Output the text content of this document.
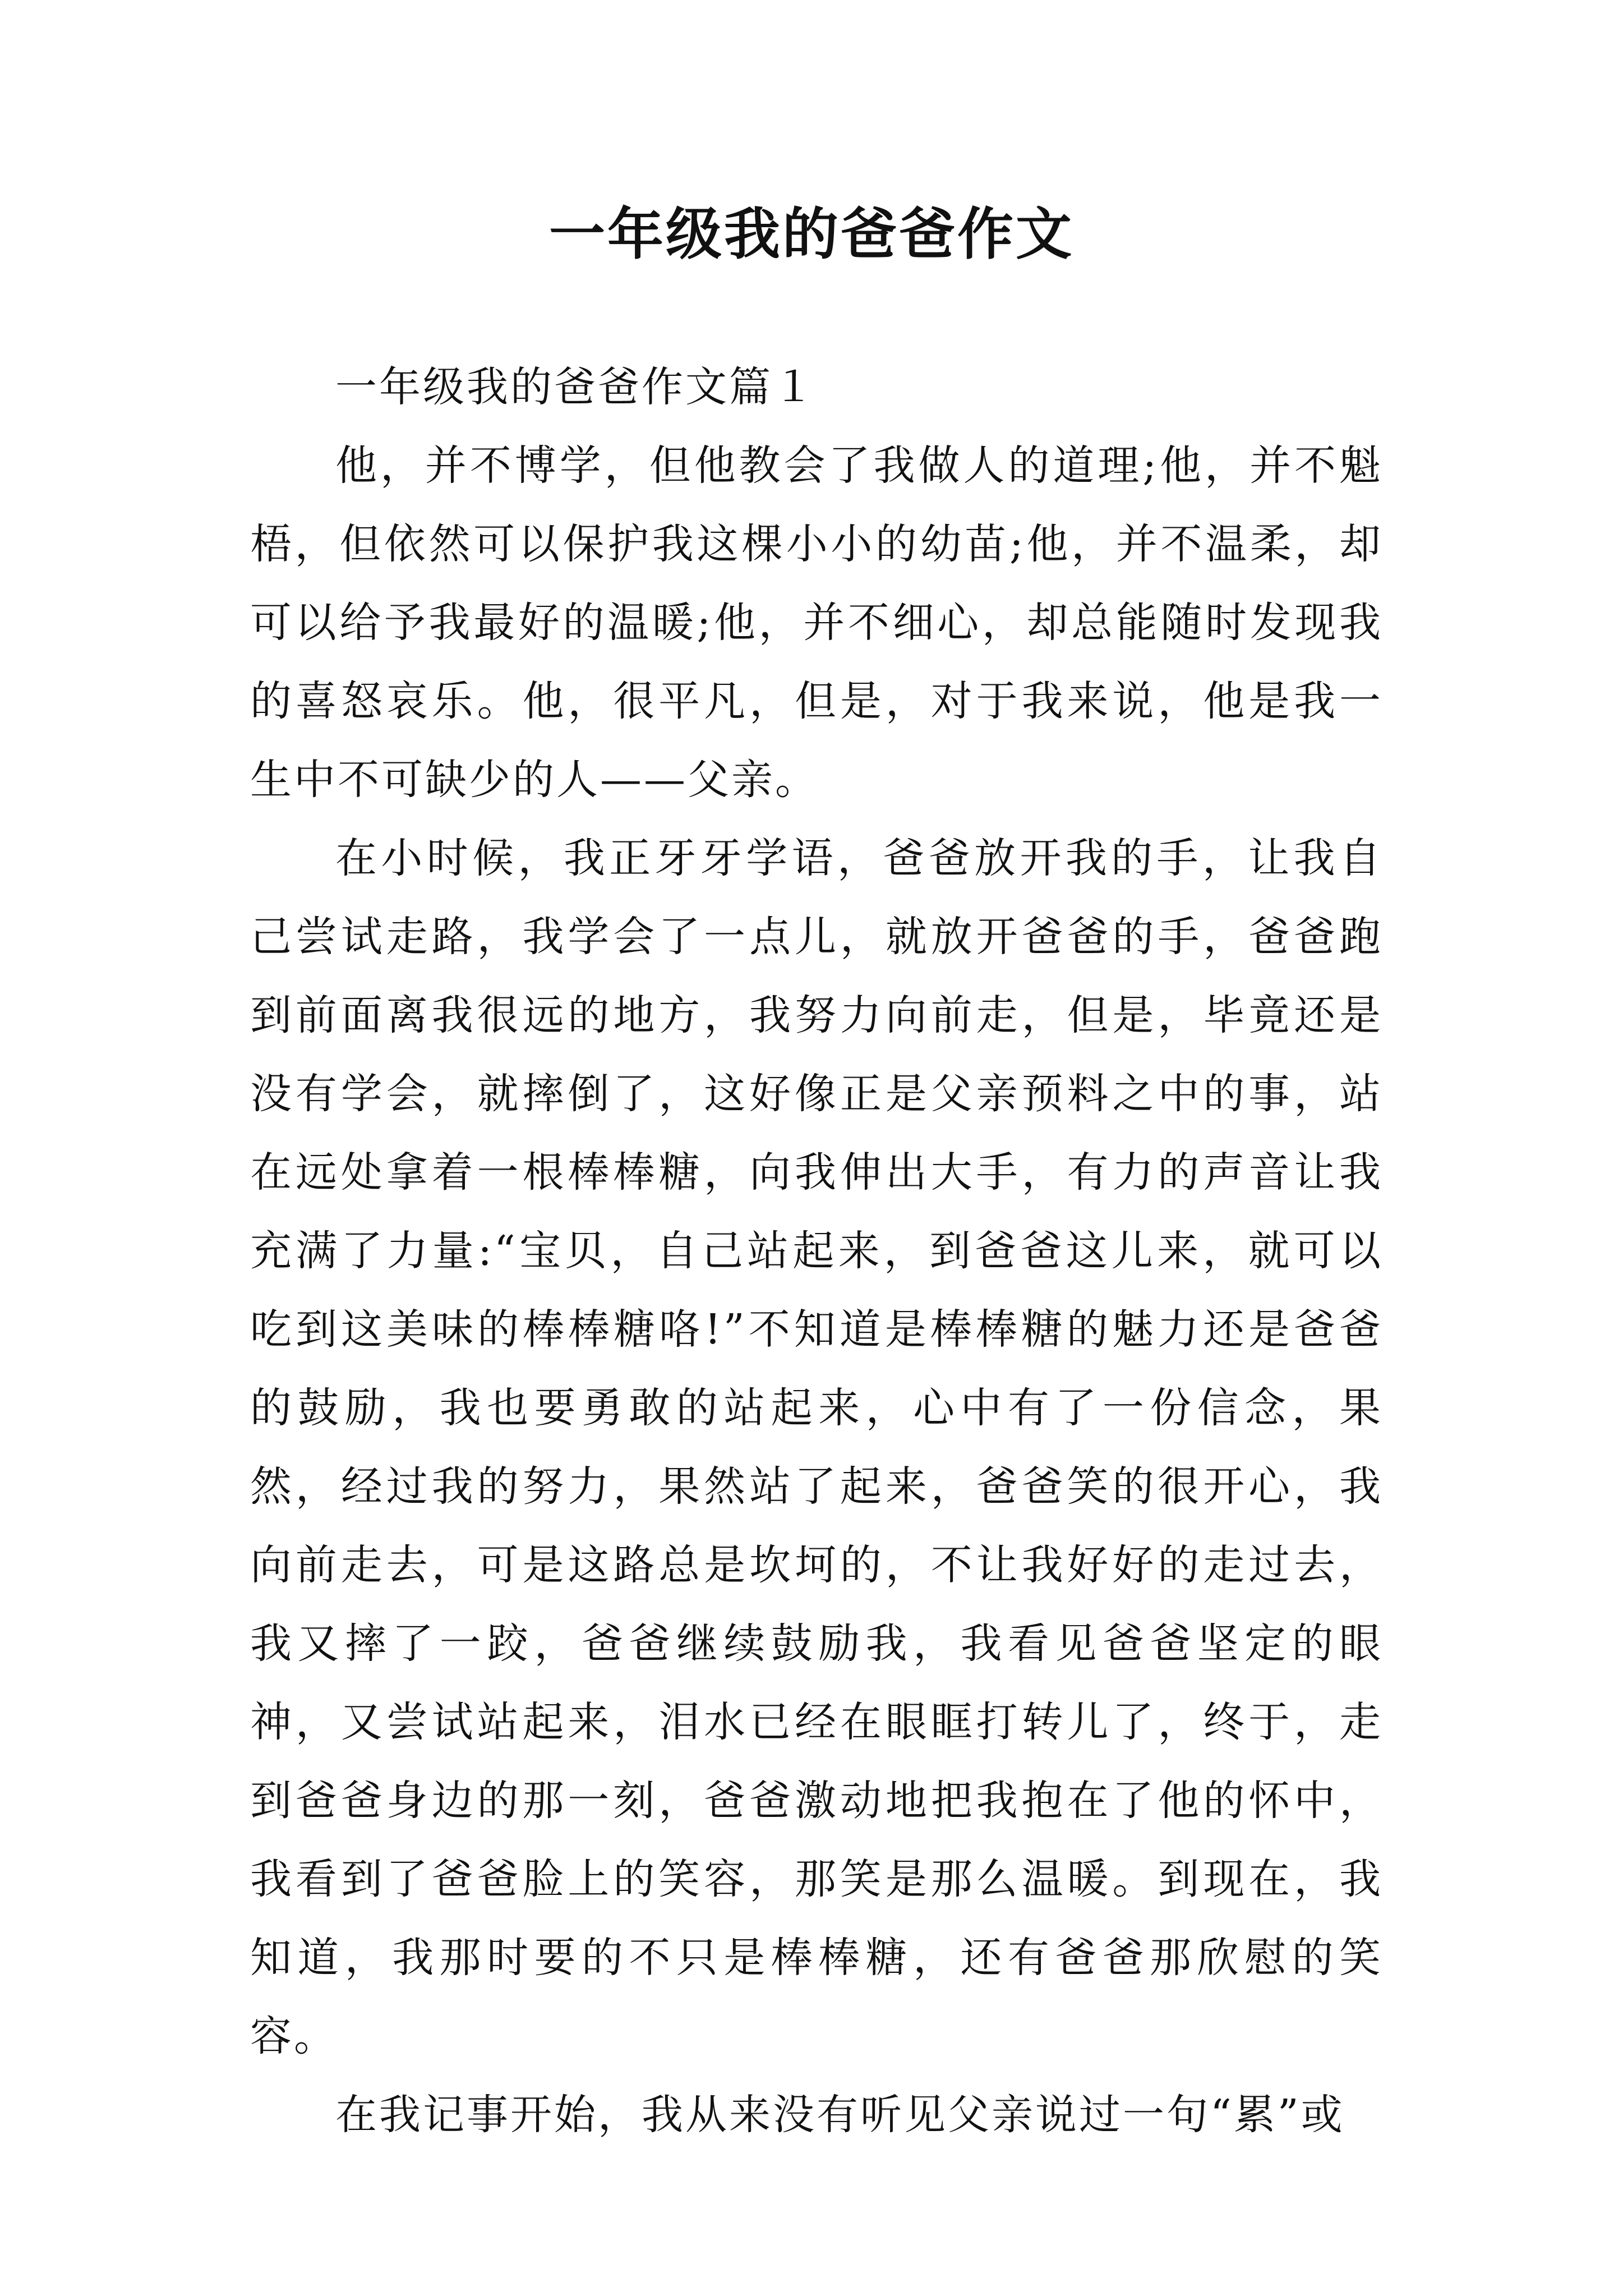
一年级我的爸爸作文

一年级我的爸爸作文篇１

他，并不博学，但他教会了我做人的道理;他，并不魁梧，但依然可以保护我这棵小小的幼苗;他，并不温柔，却可以给予我最好的温暖;他，并不细心，却总能随时发现我的喜怒哀乐。他，很平凡，但是，对于我来说，他是我一生中不可缺少的人——父亲。

在小时候，我正牙牙学语，爸爸放开我的手，让我自己尝试走路，我学会了一点儿，就放开爸爸的手，爸爸跑到前面离我很远的地方，我努力向前走，但是，毕竟还是没有学会，就摔倒了，这好像正是父亲预料之中的事，站在远处拿着一根棒棒糖，向我伸出大手，有力的声音让我充满了力量:“宝贝，自己站起来，到爸爸这儿来，就可以吃到这美味的棒棒糖咯!”不知道是棒棒糖的魅力还是爸爸的鼓励，我也要勇敢的站起来，心中有了一份信念，果然，经过我的努力，果然站了起来，爸爸笑的很开心，我向前走去，可是这路总是坎坷的，不让我好好的走过去，我又摔了一跤，爸爸继续鼓励我，我看见爸爸坚定的眼神，又尝试站起来，泪水已经在眼眶打转儿了，终于，走到爸爸身边的那一刻，爸爸激动地把我抱在了他的怀中，我看到了爸爸脸上的笑容，那笑是那么温暖。到现在，我知道，我那时要的不只是棒棒糖，还有爸爸那欣慰的笑容。

在我记事开始，我从来没有听见父亲说过一句“累”或
